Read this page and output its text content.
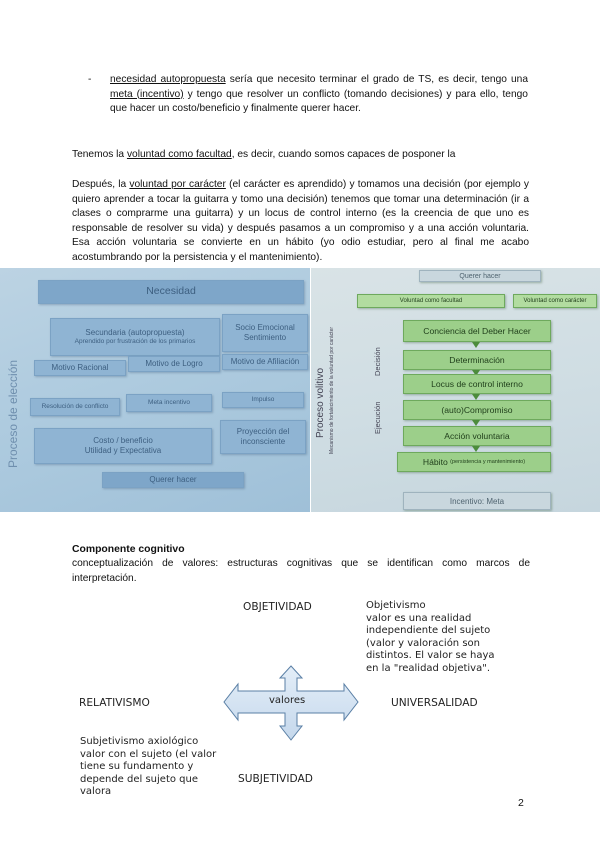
- necesidad autopropuesta sería que necesito terminar el grado de TS, es decir, tengo una meta (incentivo) y tengo que resolver un conflicto (tomando decisiones) y para ello, tengo que hacer un costo/beneficio y finalmente querer hacer.
Tenemos la voluntad como facultad, es decir, cuando somos capaces de posponer la
Después, la voluntad por carácter (el carácter es aprendido) y tomamos una decisión (por ejemplo y quiero aprender a tocar la guitarra y tomo una decisión) tenemos que tomar una determinación (ir a clases o comprarme una guitarra) y un locus de control interno (es la creencia de que uno es responsable de resolver su vida) y después pasamos a un compromiso y a una acción voluntaria. Esa acción voluntaria se convierte en un hábito (yo odio estudiar, pero al final me acabo acostumbrando por la persistencia y el mantenimiento).
Proceso de elección
Necesidad
Secundaria (autopropuesta)
Aprendido por frustración de los primarios
Socio Emocional
Sentimiento
Motivo Racional	Motivo de Logro	Motivo de Afiliación
Resolución de conflicto
Meta incentivo	Impulso
Costo / beneficio
Utilidad y Expectativa
Proyección del inconsciente
Querer hacer
Proceso volitivo Mecanismo de fortalecimiento de la voluntad por carácter	Decisión
Ejecución
Querer hacer
Voluntad como facultad	Voluntad como carácter
Conciencia del Deber Hacer
Determinación
Locus de control interno
(auto)Compromiso
Acción voluntaria
Hábito
(persistencia y mantenimiento)
Incentivo: Meta
Componente cognitivo
conceptualización de valores: estructuras cognitivas que se identifican como marcos de interpretación.
OBJETIVIDAD	Objetivismo
valor es una realidad
independiente del sujeto
(valor y valoración son
distintos. El valor se haya
en la "realidad objetiva".
RELATIVISMO	UNIVERSALIDAD
valores
Subjetivismo axiológico
valor con el sujeto (el valor
tiene su fundamento y
depende del sujeto que
valora
SUBJETIVIDAD
2
